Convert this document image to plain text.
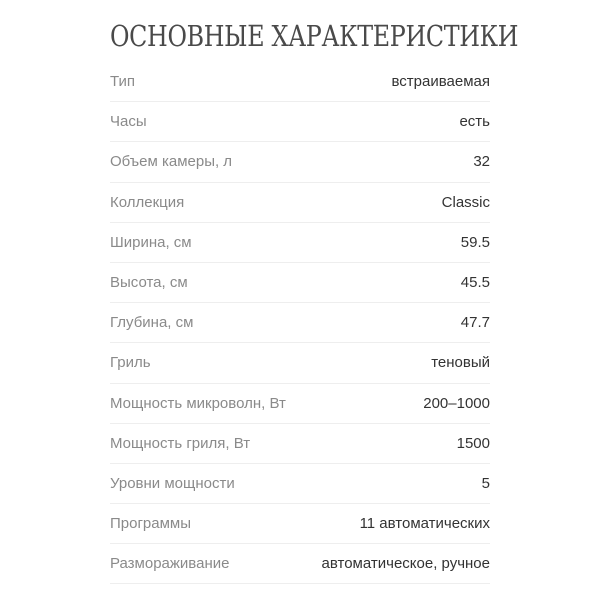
ОСНОВНЫЕ ХАРАКТЕРИСТИКИ
Тип	встраиваемая
Часы	есть
Объем камеры, л	32
Коллекция	Classic
Ширина, см	59.5
Высота, см	45.5
Глубина, см	47.7
Гриль	теновый
Мощность микроволн, Вт	200–1000
Мощность гриля, Вт	1500
Уровни мощности	5
Программы	11 автоматических
Размораживание	автоматическое, ручное
